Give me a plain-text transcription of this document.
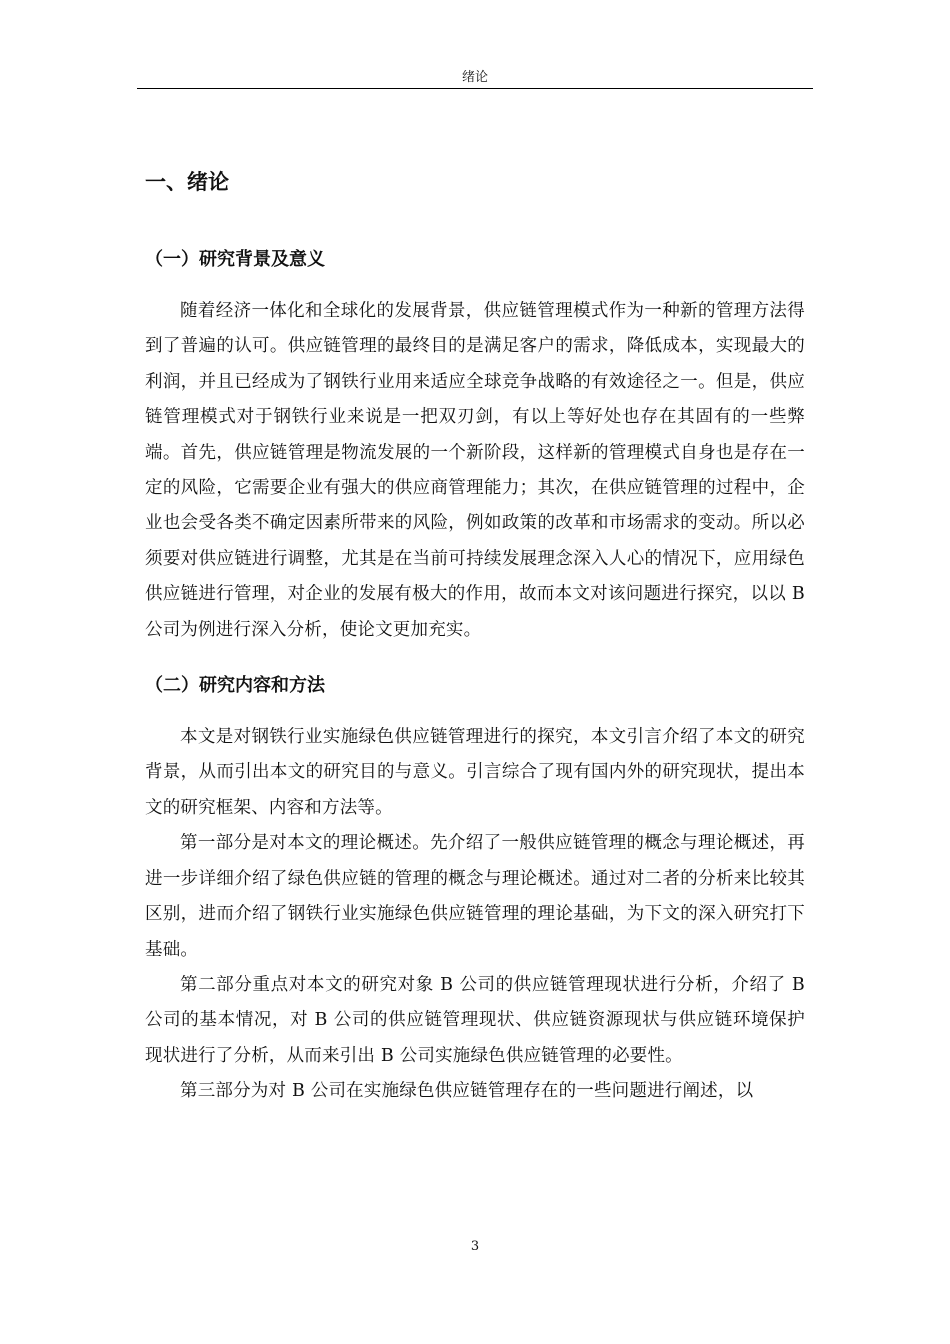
绪论
一、绪论
（一）研究背景及意义

随着经济一体化和全球化的发展背景，供应链管理模式作为一种新的管理方法得到了普遍的认可。供应链管理的最终目的是满足客户的需求，降低成本，实现最大的利润，并且已经成为了钢铁行业用来适应全球竞争战略的有效途径之一。但是，供应链管理模式对于钢铁行业来说是一把双刃剑，有以上等好处也存在其固有的一些弊端。首先，供应链管理是物流发展的一个新阶段，这样新的管理模式自身也是存在一定的风险，它需要企业有强大的供应商管理能力；其次，在供应链管理的过程中，企业也会受各类不确定因素所带来的风险，例如政策的改革和市场需求的变动。所以必须要对供应链进行调整，尤其是在当前可持续发展理念深入人心的情况下，应用绿色供应链进行管理，对企业的发展有极大的作用，故而本文对该问题进行探究，以以 B 公司为例进行深入分析，使论文更加充实。

（二）研究内容和方法

本文是对钢铁行业实施绿色供应链管理进行的探究，本文引言介绍了本文的研究背景，从而引出本文的研究目的与意义。引言综合了现有国内外的研究现状，提出本文的研究框架、内容和方法等。

第一部分是对本文的理论概述。先介绍了一般供应链管理的概念与理论概述，再进一步详细介绍了绿色供应链的管理的概念与理论概述。通过对二者的分析来比较其区别，进而介绍了钢铁行业实施绿色供应链管理的理论基础，为下文的深入研究打下基础。

第二部分重点对本文的研究对象 B 公司的供应链管理现状进行分析，介绍了 B 公司的基本情况，对 B 公司的供应链管理现状、供应链资源现状与供应链环境保护现状进行了分析，从而来引出 B 公司实施绿色供应链管理的必要性。

第三部分为对 B 公司在实施绿色供应链管理存在的一些问题进行阐述，以

3
